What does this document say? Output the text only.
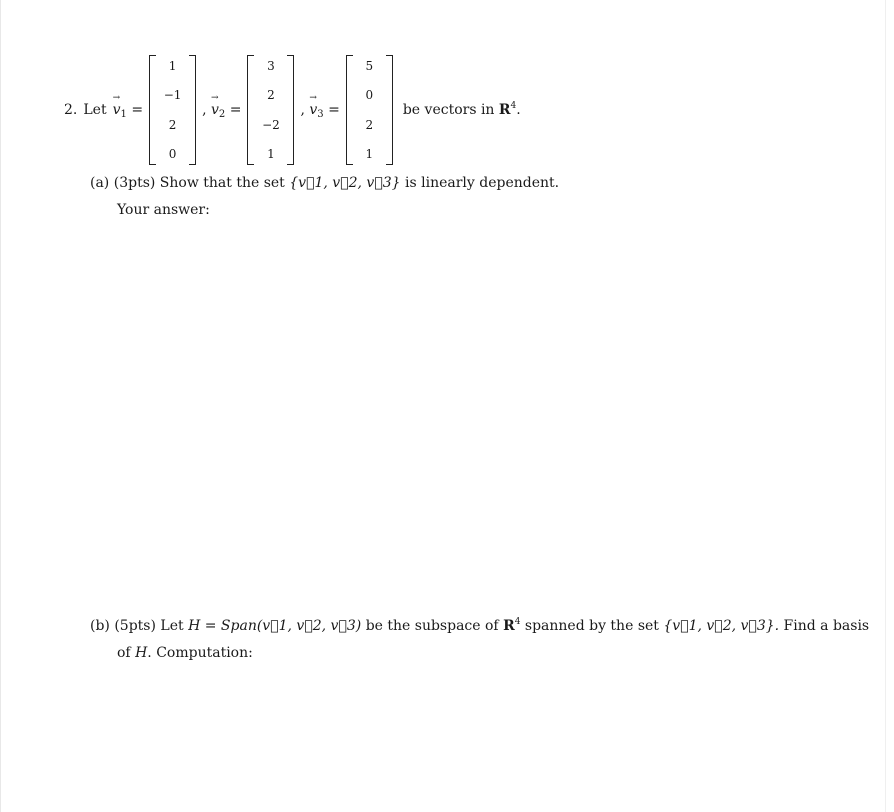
2. Let → $v_1$ =
1
−1
2
0
, → $v_2$ =
3
2
−2
1
, → $v_3$ =
5
0
2
1
be vectors in $R^4$.
(a) (3pts) Show that the set {v⃗1, v⃗2, v⃗3} is linearly dependent.
Your answer:
(b) (5pts) Let H = Span(v⃗1, v⃗2, v⃗3) be the subspace of $R^4$ spanned by the set {v⃗1, v⃗2, v⃗3}. Find a basis
of H. Computation:
